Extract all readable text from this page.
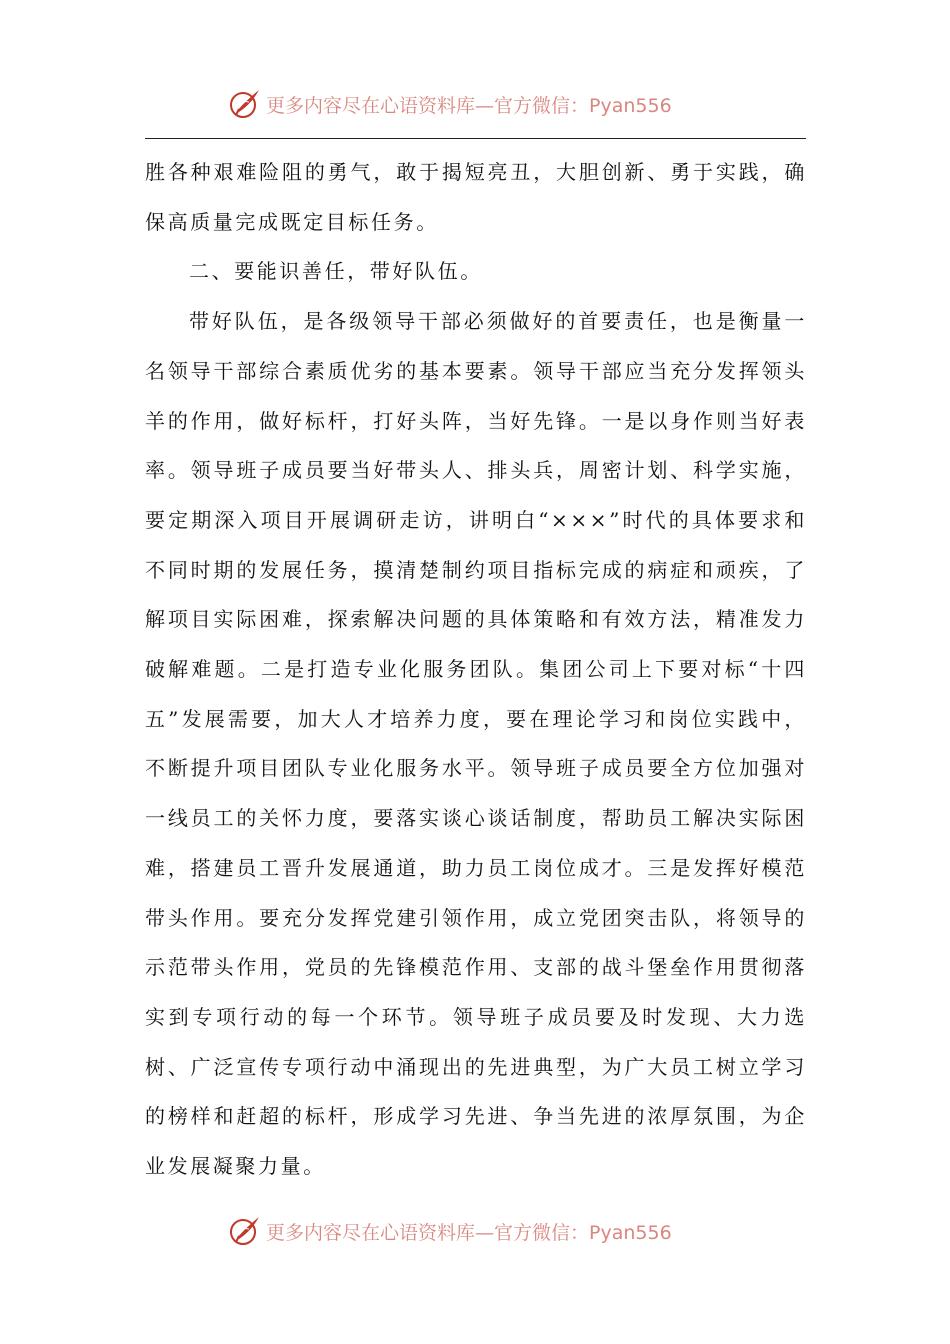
更多内容尽在心语资料库—官方微信：Pyan556

胜各种艰难险阻的勇气，敢于揭短亮丑，大胆创新、勇于实践，确保高质量完成既定目标任务。

二、要能识善任，带好队伍。

带好队伍，是各级领导干部必须做好的首要责任，也是衡量一名领导干部综合素质优劣的基本要素。领导干部应当充分发挥领头羊的作用，做好标杆，打好头阵，当好先锋。一是以身作则当好表率。领导班子成员要当好带头人、排头兵，周密计划、科学实施，要定期深入项目开展调研走访，讲明白“×××”时代的具体要求和不同时期的发展任务，摸清楚制约项目指标完成的病症和顽疾，了解项目实际困难，探索解决问题的具体策略和有效方法，精准发力破解难题。二是打造专业化服务团队。集团公司上下要对标“十四五”发展需要，加大人才培养力度，要在理论学习和岗位实践中，不断提升项目团队专业化服务水平。领导班子成员要全方位加强对一线员工的关怀力度，要落实谈心谈话制度，帮助员工解决实际困难，搭建员工晋升发展通道，助力员工岗位成才。三是发挥好模范带头作用。要充分发挥党建引领作用，成立党团突击队，将领导的示范带头作用，党员的先锋模范作用、支部的战斗堡垒作用贯彻落实到专项行动的每一个环节。领导班子成员要及时发现、大力选树、广泛宣传专项行动中涌现出的先进典型，为广大员工树立学习的榜样和赶超的标杆，形成学习先进、争当先进的浓厚氛围，为企业发展凝聚力量。

更多内容尽在心语资料库—官方微信：Pyan556
